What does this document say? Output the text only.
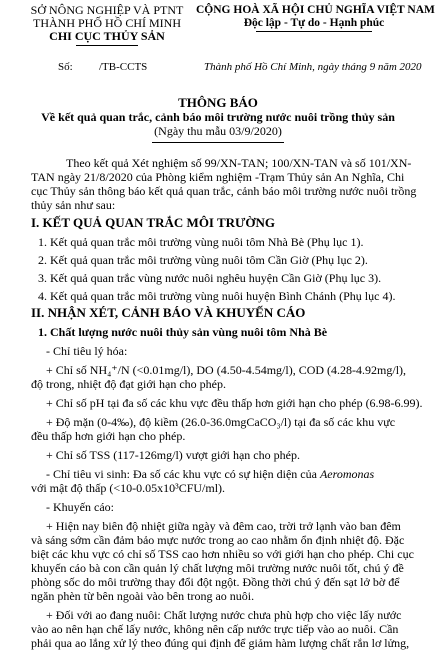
SỞ NÔNG NGHIỆP VÀ PTNT
THÀNH PHỐ HỒ CHÍ MINH
CHI CỤC THỦY SẢN
CỘNG HOÀ XÃ HỘI CHỦ NGHĨA VIỆT NAM
Độc lập - Tự do - Hạnh phúc
Số: /TB-CCTS	Thành phố Hồ Chí Minh, ngày tháng 9 năm 2020
THÔNG BÁO
Về kết quả quan trắc, cảnh báo môi trường nước nuôi trồng thủy sản
(Ngày thu mẫu 03/9/2020)
Theo kết quả Xét nghiệm số 99/XN-TAN; 100/XN-TAN và số 101/XN-
TAN ngày 21/8/2020 của Phòng kiểm nghiệm -Trạm Thủy sản An Nghĩa, Chi
cục Thủy sản thông báo kết quả quan trắc, cảnh báo môi trường nước nuôi trồng
thủy sản như sau:
I. KẾT QUẢ QUAN TRẮC MÔI TRƯỜNG
1. Kết quả quan trắc môi trường vùng nuôi tôm Nhà Bè (Phụ lục 1).
2. Kết quả quan trắc môi trường vùng nuôi tôm Cần Giờ (Phụ lục 2).
3. Kết quả quan trắc vùng nước nuôi nghêu huyện Cần Giờ (Phụ lục 3).
4. Kết quả quan trắc môi trường vùng nuôi huyện Bình Chánh (Phụ lục 4).
II. NHẬN XÉT, CẢNH BÁO VÀ KHUYẾN CÁO
1. Chất lượng nước nuôi thủy sản vùng nuôi tôm Nhà Bè
- Chỉ tiêu lý hóa:
+ Chỉ số NH₄⁺/N (<0.01mg/l), DO (4.50-4.54mg/l), COD (4.28-4.92mg/l),
độ trong, nhiệt độ đạt giới hạn cho phép.
+ Chỉ số pH tại đa số các khu vực đều thấp hơn giới hạn cho phép (6.98-6.99).
+ Độ mặn (0-4‰), độ kiềm (26.0-36.0mgCaCO₃/l) tại đa số các khu vực
đều thấp hơn giới hạn cho phép.
+ Chỉ số TSS (117-126mg/l) vượt giới hạn cho phép.
- Chỉ tiêu vi sinh: Đa số các khu vực có sự hiện diện của Aeromonas
với mật độ thấp (<10-0.05x10³CFU/ml).
- Khuyến cáo:
+ Hiện nay biên độ nhiệt giữa ngày và đêm cao, trời trở lạnh vào ban đêm
và sáng sớm cần đảm bảo mực nước trong ao cao nhằm ổn định nhiệt độ. Đặc
biệt các khu vực có chỉ số TSS cao hơn nhiều so với giới hạn cho phép. Chi cục
khuyến cáo bà con cần quản lý chất lượng môi trường nước nuôi tốt, chú ý đề
phòng sốc do môi trường thay đổi đột ngột. Đồng thời chú ý đến sạt lở bờ để
ngăn phèn từ bên ngoài vào bên trong ao nuôi.
+ Đối với ao đang nuôi: Chất lượng nước chưa phù hợp cho việc lấy nước
vào ao nên hạn chế lấy nước, không nên cấp nước trực tiếp vào ao nuôi. Cần
phải qua ao lắng xử lý theo đúng qui định để giảm hàm lượng chất rắn lơ lửng,
